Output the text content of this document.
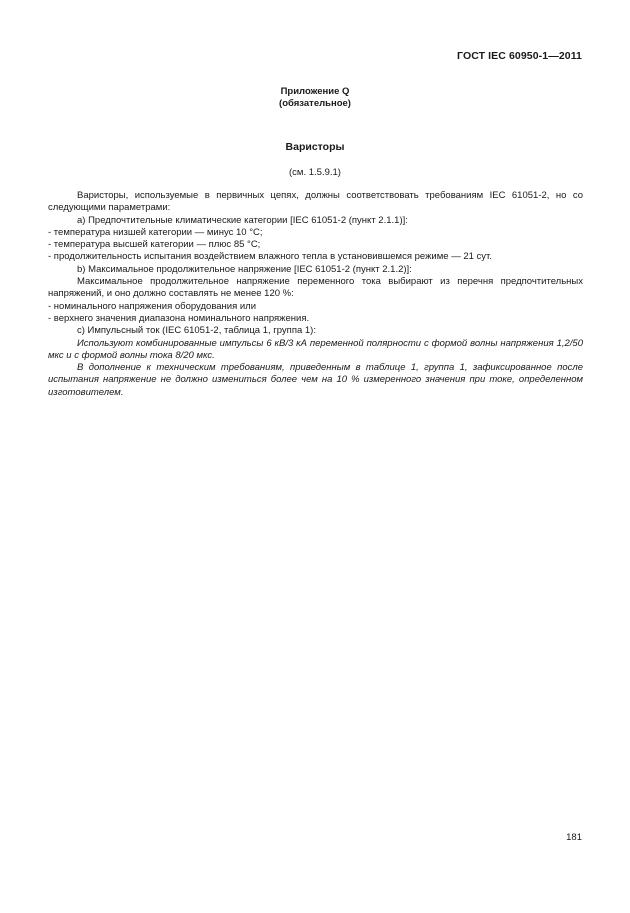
ГОСТ IEC 60950-1—2011
Приложение Q
(обязательное)
Варисторы
(см. 1.5.9.1)

Варисторы, используемые в первичных цепях, должны соответствовать требованиям IEC 61051-2, но со следующими параметрами:

a) Предпочтительные климатические категории [IEC 61051-2 (пункт 2.1.1)]:

- температура низшей категории — минус 10 °С;

- температура высшей категории — плюс 85 °С;

- продолжительность испытания воздействием влажного тепла в установившемся режиме — 21 сут.

b) Максимальное продолжительное напряжение [IEC 61051-2 (пункт 2.1.2)]:

Максимальное продолжительное напряжение переменного тока выбирают из перечня предпочтительных напряжений, и оно должно составлять не менее 120 %:

- номинального напряжения оборудования или

- верхнего значения диапазона номинального напряжения.

с) Импульсный ток (IEC 61051-2, таблица 1, группа 1):

Используют комбинированные импульсы 6 кВ/3 кА переменной полярности с формой волны напряжения 1,2/50 мкс и с формой волны тока 8/20 мкс.

В дополнение к техническим требованиям, приведенным в таблице 1, группа 1, зафиксированное после испытания напряжение не должно измениться более чем на 10 % измеренного значения при токе, определенном изготовителем.

181
